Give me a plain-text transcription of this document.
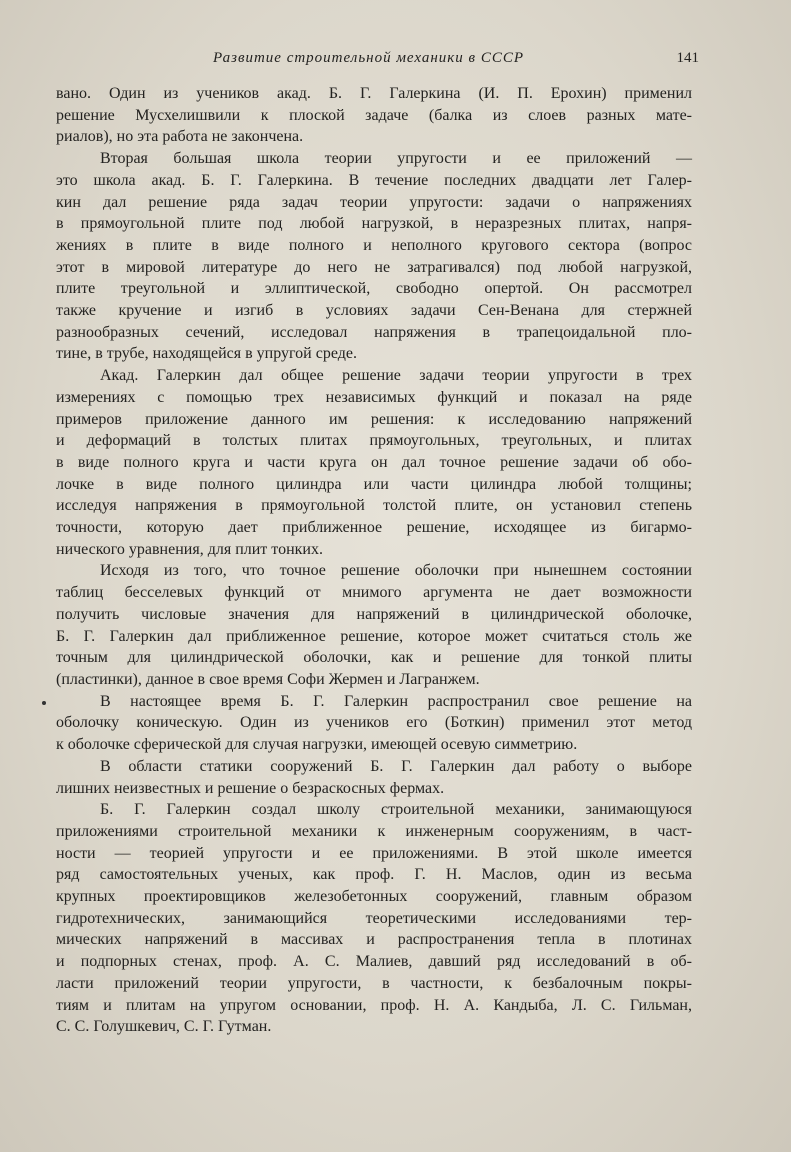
Развитие строительной механики в СССР	141

вано. Один из учеников акад. Б. Г. Галеркина (И. П. Ерохин) применил
решение Мусхелишвили к плоской задаче (балка из слоев разных мате-
риалов), но эта работа не закончена.

Вторая большая школа теории упругости и ее приложений —
это школа акад. Б. Г. Галеркина. В течение последних двадцати лет Галер-
кин дал решение ряда задач теории упругости: задачи о напряжениях
в прямоугольной плите под любой нагрузкой, в неразрезных плитах, напря-
жениях в плите в виде полного и неполного кругового сектора (вопрос
этот в мировой литературе до него не затрагивался) под любой нагрузкой,
плите треугольной и эллиптической, свободно опертой. Он рассмотрел
также кручение и изгиб в условиях задачи Сен-Венана для стержней
разнообразных сечений, исследовал напряжения в трапецоидальной пло-
тине, в трубе, находящейся в упругой среде.

Акад. Галеркин дал общее решение задачи теории упругости в трех
измерениях с помощью трех независимых функций и показал на ряде
примеров приложение данного им решения: к исследованию напряжений
и деформаций в толстых плитах прямоугольных, треугольных, и плитах
в виде полного круга и части круга он дал точное решение задачи об обо-
лочке в виде полного цилиндра или части цилиндра любой толщины;
исследуя напряжения в прямоугольной толстой плите, он установил степень
точности, которую дает приближенное решение, исходящее из бигармо-
нического уравнения, для плит тонких.

Исходя из того, что точное решение оболочки при нынешнем состоянии
таблиц бесселевых функций от мнимого аргумента не дает возможности
получить числовые значения для напряжений в цилиндрической оболочке,
Б. Г. Галеркин дал приближенное решение, которое может считаться столь же
точным для цилиндрической оболочки, как и решение для тонкой плиты
(пластинки), данное в свое время Софи Жермен и Лагранжем.

В настоящее время Б. Г. Галеркин распространил свое решение на
оболочку коническую. Один из учеников его (Боткин) применил этот метод
к оболочке сферической для случая нагрузки, имеющей осевую симметрию.

В области статики сооружений Б. Г. Галеркин дал работу о выборе
лишних неизвестных и решение о безраскосных фермах.

Б. Г. Галеркин создал школу строительной механики, занимающуюся
приложениями строительной механики к инженерным сооружениям, в част-
ности — теорией упругости и ее приложениями. В этой школе имеется
ряд самостоятельных ученых, как проф. Г. Н. Маслов, один из весьма
крупных проектировщиков железобетонных сооружений, главным образом
гидротехнических, занимающийся теоретическими исследованиями тер-
мических напряжений в массивах и распространения тепла в плотинах
и подпорных стенах, проф. А. С. Малиев, давший ряд исследований в об-
ласти приложений теории упругости, в частности, к безбалочным покры-
тиям и плитам на упругом основании, проф. Н. А. Кандыба, Л. С. Гильман,
С. С. Голушкевич, С. Г. Гутман.
